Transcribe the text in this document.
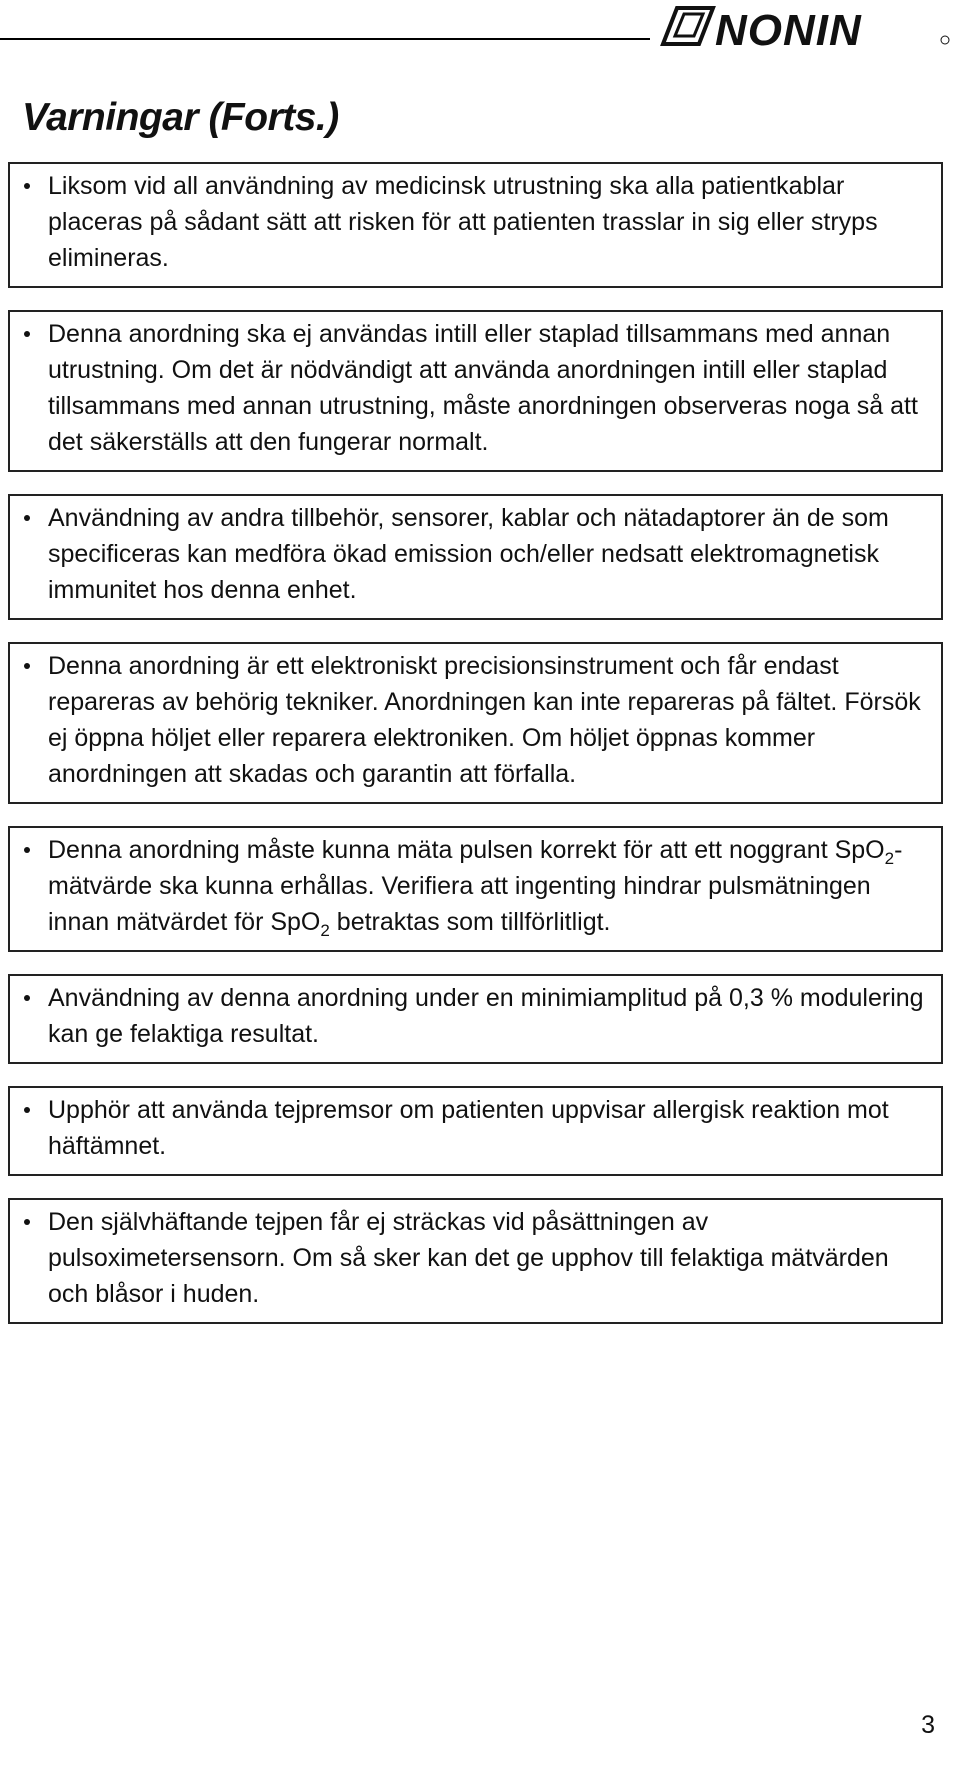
NONIN
Varningar (Forts.)
Liksom vid all användning av medicinsk utrustning ska alla patientkablar placeras på sådant sätt att risken för att patienten trasslar in sig eller stryps elimineras.
Denna anordning ska ej användas intill eller staplad tillsammans med annan utrustning. Om det är nödvändigt att använda anordningen intill eller staplad tillsammans med annan utrustning, måste anordningen observeras noga så att det säkerställs att den fungerar normalt.
Användning av andra tillbehör, sensorer, kablar och nätadaptorer än de som specificeras kan medföra ökad emission och/eller nedsatt elektromagnetisk immunitet hos denna enhet.
Denna anordning är ett elektroniskt precisionsinstrument och får endast repareras av behörig tekniker. Anordningen kan inte repareras på fältet. Försök ej öppna höljet eller reparera elektroniken. Om höljet öppnas kommer anordningen att skadas och garantin att förfalla.
Denna anordning måste kunna mäta pulsen korrekt för att ett noggrant SpO$_2$-mätvärde ska kunna erhållas. Verifiera att ingenting hindrar pulsmätningen innan mätvärdet för SpO$_2$ betraktas som tillförlitligt.
Användning av denna anordning under en minimiamplitud på 0,3 % modulering kan ge felaktiga resultat.
Upphör att använda tejpremsor om patienten uppvisar allergisk reaktion mot häftämnet.
Den självhäftande tejpen får ej sträckas vid påsättningen av pulsoximetersensorn. Om så sker kan det ge upphov till felaktiga mätvärden och blåsor i huden.
3
